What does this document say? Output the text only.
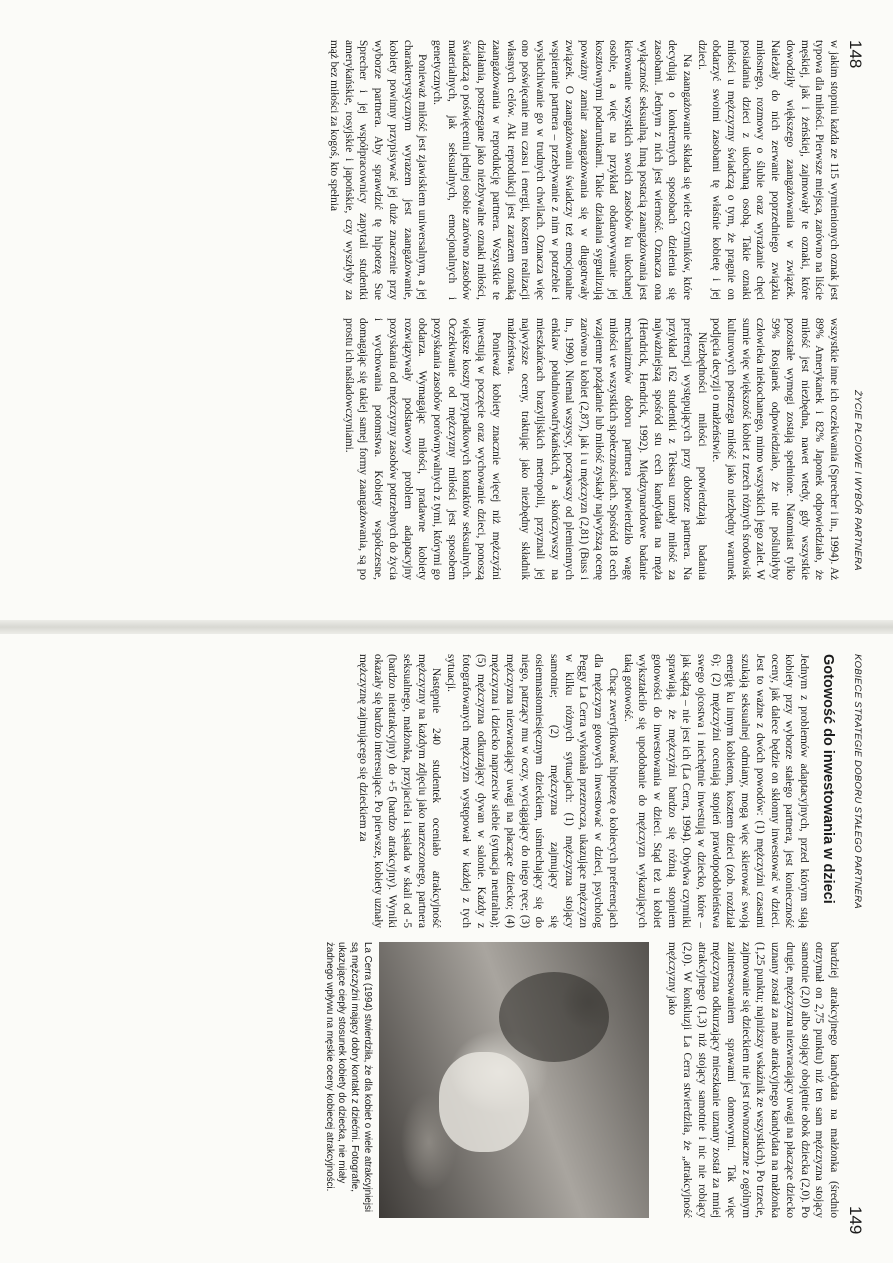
148
ŻYCIE PŁCIOWE I WYBÓR PARTNERA

w jakim stopniu każda ze 115 wymienionych oznak jest typowa dla miłości. Pierwsze miejsca, zarówno na liście męskiej, jak i żeńskiej, zajmowały te oznaki, które dowodziły większego zaangażowania w związek. Należały do nich zerwanie poprzedniego związku miłosnego, rozmowy o ślubie oraz wyrażanie chęci posiadania dzieci z ukochaną osobą. Takie oznaki miłości u mężczyzny świadczą o tym, że pragnie on obdarzyć swoimi zasobami tę właśnie kobietę i jej dzieci.

Na zaangażowanie składa się wiele czynników, które decydują o konkretnych sposobach dzielenia się zasobami. Jednym z nich jest wierność. Oznacza ona wyłączność seksualną. Inną postacią zaangażowania jest kierowanie wszystkich swoich zasobów ku ukochanej osobie, a więc na przykład obdarowywanie jej kosztownymi podarunkami. Takie działania sygnalizują poważny zamiar zaangażowania się w długotrwały związek. O zaangażowaniu świadczy też emocjonalne wspieranie partnera – przebywanie z nim w potrzebie i wysłuchiwanie go w trudnych chwilach. Oznacza więc ono poświęcanie mu czasu i energii, kosztem realizacji własnych celów. Akt reprodukcji jest zarazem oznaką zaangażowania w reprodukcję partnera. Wszystkie te działania, postrzegane jako niezbywalne oznaki miłości, świadczą o poświęceniu jednej osobie zarówno zasobów materialnych, jak seksualnych, emocjonalnych i genetycznych.

Ponieważ miłość jest zjawiskiem uniwersalnym, a jej charakterystycznym wyrazem jest zaangażowanie, kobiety powinny przypisywać jej duże znaczenie przy wyborze partnera. Aby sprawdzić tę hipotezę Sue Sprecher i jej współpracownicy zapytali studentki amerykańskie, rosyjskie i japońskie, czy wyszłyby za mąż bez miłości za kogoś, kto spełnia

wszystkie inne ich oczekiwania (Sprecher i in., 1994). Aż 89% Amerykanek i 82% Japonek odpowiedziało, że miłość jest niezbędna, nawet wtedy, gdy wszystkie pozostałe wymogi zostają spełnione. Natomiast tylko 59% Rosjanek odpowiedziało, że nie poślubiłyby człowieka niekochanego, mimo wszystkich jego zalet. W sumie więc większość kobiet z trzech różnych środowisk kulturowych postrzega miłość jako niezbędny warunek podjęcia decyzji o małżeństwie.

Niezbędności miłości potwierdzają badania preferencji występujących przy doborze partnera. Na przykład 162 studentki z Teksasu uznały miłość za najważniejszą spośród stu cech kandydata na męża (Hendrick, Hendrick, 1992). Międzynarodowe badanie mechanizmów doboru partnera potwierdziło wagę miłości we wszystkich społecznościach. Spośród 18 cech wzajemne pożądanie lub miłość zyskały najwyższą ocenę zarówno u kobiet (2,87), jak i u mężczyzn (2,81) (Buss i in., 1990). Niemal wszyscy, począwszy od plemiennych enklaw południowoafrykańskich, a skończywszy na mieszkańcach brazylijskich metropolii, przyznali jej najwyższe oceny, traktując jako niezbędny składnik małżeństwa.

Ponieważ kobiety znacznie więcej niż mężczyźni inwestują w poczęcie oraz wychowanie dzieci, ponoszą większe koszty przypadkowych kontaktów seksualnych. Oczekiwanie od mężczyzny miłości jest sposobem pozyskania zasobów porównywalnych z tymi, którymi go obdarza. Wymagając miłości, pradawne kobiety rozwiązywały podstawowy problem adaptacyjny pozyskania od mężczyzny zasobów potrzebnych do życia i wychowania potomstwa. Kobiety współczesne, domagając się takiej samej formy zaangażowania, są po prostu ich naśladowczyniami.

KOBIECE STRATEGIE DOBORU STAŁEGO PARTNERA
149
Gotowość do inwestowania w dzieci

Jednym z problemów adaptacyjnych, przed którym stają kobiety przy wyborze stałego partnera, jest konieczność oceny, jak dalece będzie on skłonny inwestować w dzieci. Jest to ważne z dwóch powodów: (1) mężczyźni czasami szukają seksualnej odmiany, mogą więc skierować swoją energię ku innym kobietom, kosztem dzieci (zob. rozdział 6); (2) mężczyźni oceniają stopień prawdopodobieństwa swego ojcostwa i niechętnie inwestują w dziecko, które – jak sądzą – nie jest ich (La Cerra, 1994). Obydwa czynniki sprawiają, że mężczyźni bardzo się różnią stopniem gotowości do inwestowania w dzieci. Stąd też u kobiet wykształciło się upodobanie do mężczyzn wykazujących taką gotowość.

Chcąc zweryfikować hipotezę o kobiecych preferencjach dla mężczyzn gotowych inwestować w dzieci, psycholog Peggy La Cerra wykonała przezrocza, ukazujące mężczyzn w kilku różnych sytuacjach: (1) mężczyzna stojący samotnie; (2) mężczyzna zajmujący się osiemnastomiesięcznym dzieckiem, uśmiechający się do niego, patrzący mu w oczy, wyciągający do niego ręce; (3) mężczyzna niezwracający uwagi na płaczące dziecko; (4) mężczyzna i dziecko naprzeciw siebie (sytuacja neutralna); (5) mężczyzna odkurzający dywan w salonie. Każdy z fotografowanych mężczyzn występował w każdej z tych sytuacji.

Następnie 240 studentek oceniało atrakcyjność mężczyzny na każdym zdjęciu jako narzeczonego, partnera seksualnego, małżonka, przyjaciela i sąsiada w skali od -5 (bardzo nieatrakcyjny) do +5 (bardzo atrakcyjny). Wyniki okazały się bardzo interesujące. Po pierwsze, kobiety uznały mężczyznę zajmującego się dzieckiem za

bardziej atrakcyjnego kandydata na małżonka (średnio otrzymał on 2,75 punktu) niż ten sam mężczyzna stojący samotnie (2,0) albo stojący obojętnie obok dziecka (2,0). Po drugie, mężczyzna niezwracający uwagi na płaczące dziecko uznany został za mało atrakcyjnego kandydata na małżonka (1,25 punktu; najniższy wskaźnik ze wszystkich). Po trzecie, zajmowanie się dzieckiem nie jest równoznaczne z ogólnym zainteresowaniem sprawami domowymi. Tak więc mężczyzna odkurzający mieszkanie uznany został za mniej atrakcyjnego (1,3) niż stojący samotnie i nic nie robiący (2,0). W konkluzji La Cerra stwierdziła, że „atrakcyjność mężczyzny jako

La Cerra (1994) stwierdziła, że dla kobiet o wiele atrakcyjniejsi są mężczyźni mający dobry kontakt z dziećmi. Fotografie, ukazujące ciepły stosunek kobiety do dziecka, nie miały żadnego wpływu na męskie oceny kobiecej atrakcyjności.
